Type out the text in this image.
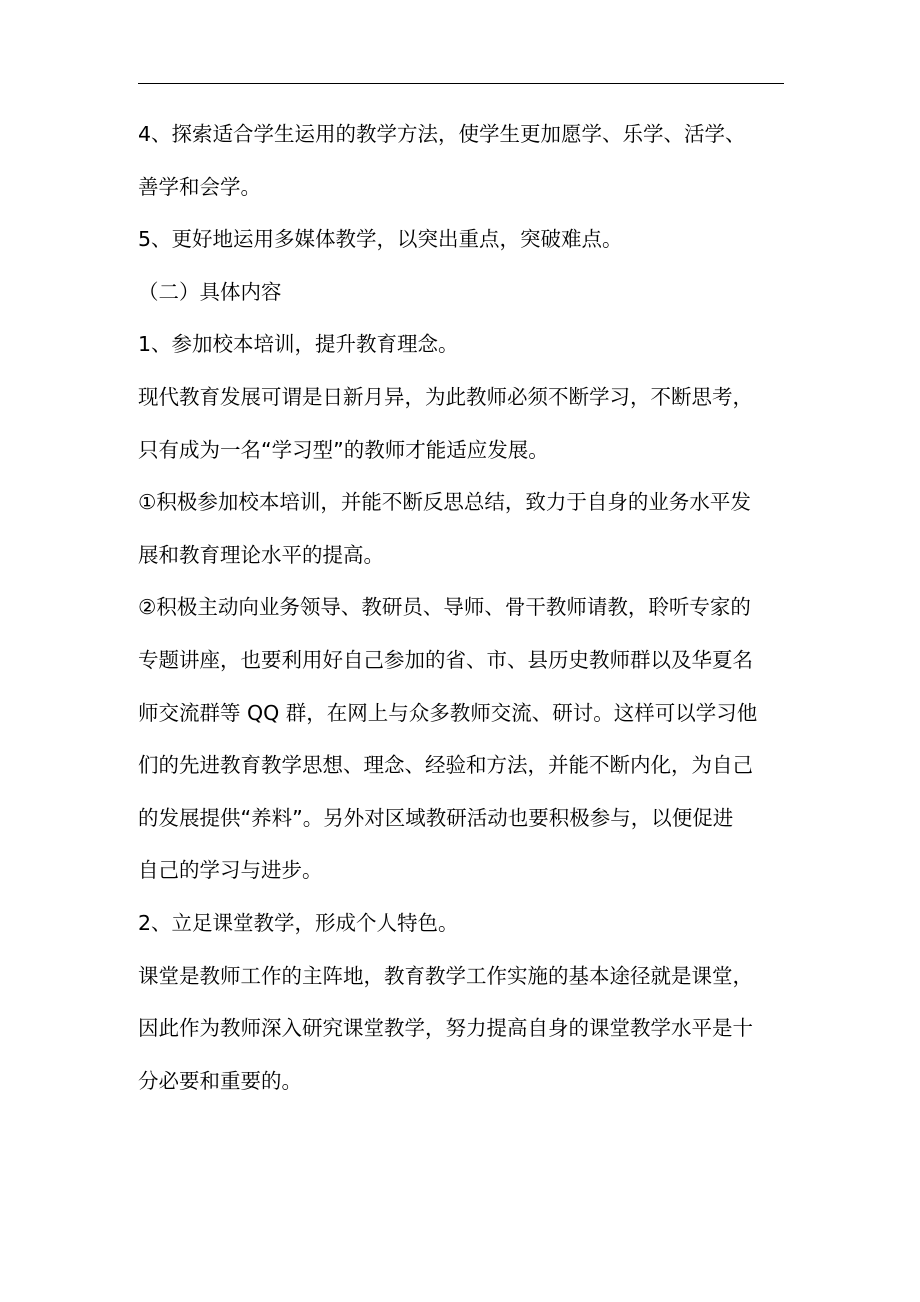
4、探索适合学生运用的教学方法，使学生更加愿学、乐学、活学、
善学和会学。
5、更好地运用多媒体教学，以突出重点，突破难点。
（二）具体内容
1、参加校本培训，提升教育理念。
现代教育发展可谓是日新月异，为此教师必须不断学习，不断思考，
只有成为一名“学习型”的教师才能适应发展。
①积极参加校本培训，并能不断反思总结，致力于自身的业务水平发
展和教育理论水平的提高。
②积极主动向业务领导、教研员、导师、骨干教师请教，聆听专家的
专题讲座，也要利用好自己参加的省、市、县历史教师群以及华夏名
师交流群等 QQ 群，在网上与众多教师交流、研讨。这样可以学习他
们的先进教育教学思想、理念、经验和方法，并能不断内化，为自己
的发展提供“养料”。另外对区域教研活动也要积极参与，以便促进
自己的学习与进步。
2、立足课堂教学，形成个人特色。
课堂是教师工作的主阵地，教育教学工作实施的基本途径就是课堂，
因此作为教师深入研究课堂教学，努力提高自身的课堂教学水平是十
分必要和重要的。
